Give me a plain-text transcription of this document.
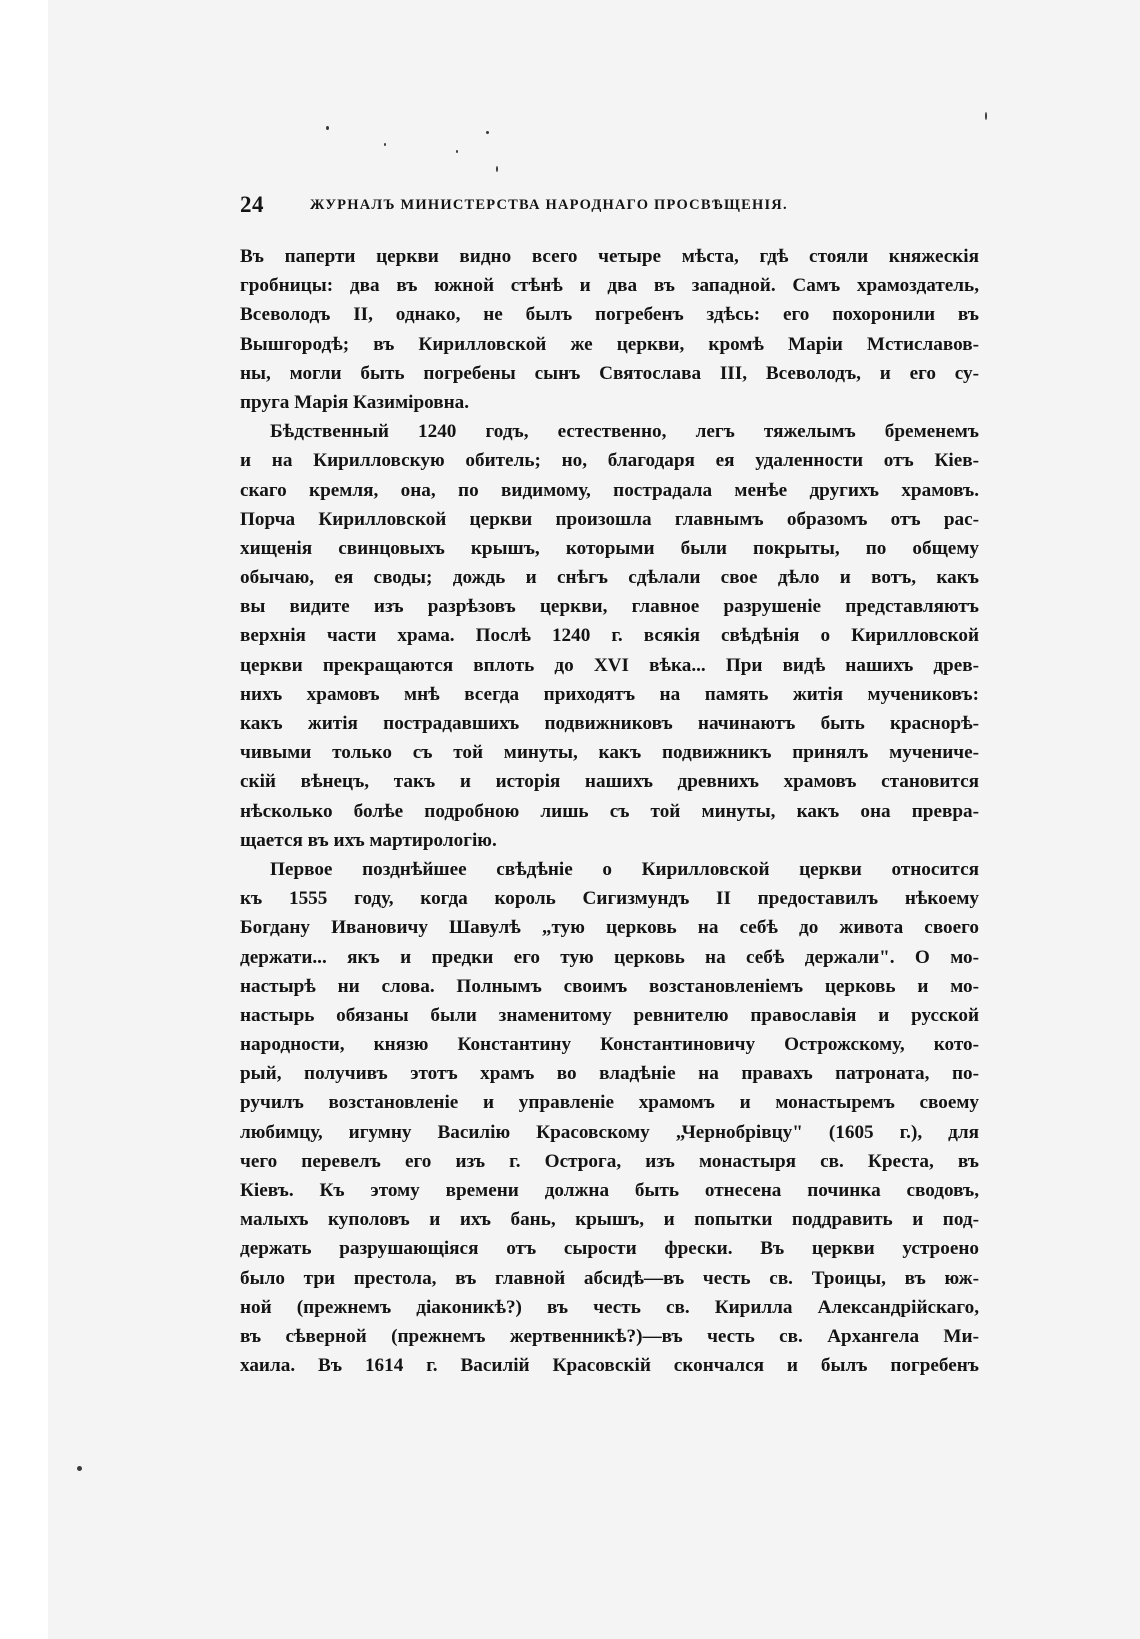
24	ЖУРНАЛЪ МИНИСТЕРСТВА НАРОДНАГО ПРОСВѢЩЕНІЯ.
Въ паперти церкви видно всего четыре мѣста, гдѣ стояли княжескія
гробницы: два въ южной стѣнѣ и два въ западной. Самъ храмоздатель,
Всеволодъ II, однако, не былъ погребенъ здѣсь: его похоронили въ
Вышгородѣ; въ Кирилловской же церкви, кромѣ Маріи Мстиславов-
ны, могли быть погребены сынъ Святослава III, Всеволодъ, и его су-
пруга Марія Казиміровна.
Бѣдственный 1240 годъ, естественно, легъ тяжелымъ бременемъ
и на Кирилловскую обитель; но, благодаря ея удаленности отъ Кіев-
скаго кремля, она, по видимому, пострадала менѣе другихъ храмовъ.
Порча Кирилловской церкви произошла главнымъ образомъ отъ рас-
хищенія свинцовыхъ крышъ, которыми были покрыты, по общему
обычаю, ея своды; дождь и снѣгъ сдѣлали свое дѣло и вотъ, какъ
вы видите изъ разрѣзовъ церкви, главное разрушеніе представляютъ
верхнія части храма. Послѣ 1240 г. всякія свѣдѣнія о Кирилловской
церкви прекращаются вплоть до XVI вѣка... При видѣ нашихъ древ-
нихъ храмовъ мнѣ всегда приходятъ на память житія мучениковъ:
какъ житія пострадавшихъ подвижниковъ начинаютъ быть краснорѣ-
чивыми только съ той минуты, какъ подвижникъ принялъ мучениче-
скій вѣнецъ, такъ и исторія нашихъ древнихъ храмовъ становится
нѣсколько болѣе подробною лишь съ той минуты, какъ она превра-
щается въ ихъ мартирологію.
Первое позднѣйшее свѣдѣніе о Кирилловской церкви относится
къ 1555 году, когда король Сигизмундъ II предоставилъ нѣкоему
Богдану Ивановичу Шавулѣ „тую церковь на себѣ до живота своего
держати... якъ и предки его тую церковь на себѣ держали". О мо-
настырѣ ни слова. Полнымъ своимъ возстановленіемъ церковь и мо-
настырь обязаны были знаменитому ревнителю православія и русской
народности, князю Константину Константиновичу Острожскому, кото-
рый, получивъ этотъ храмъ во владѣніе на правахъ патроната, по-
ручилъ возстановленіе и управленіе храмомъ и монастыремъ своему
любимцу, игумну Василію Красовскому „Чернобрівцу" (1605 г.), для
чего перевелъ его изъ г. Острога, изъ монастыря св. Креста, въ
Кіевъ. Къ этому времени должна быть отнесена починка сводовъ,
малыхъ куполовъ и ихъ бань, крышъ, и попытки поддравить и под-
держать разрушающіяся отъ сырости фрески. Въ церкви устроено
было три престола, въ главной абсидѣ—въ честь св. Троицы, въ юж-
ной (прежнемъ діаконикѣ?) въ честь св. Кирилла Александрійскаго,
въ сѣверной (прежнемъ жертвенникѣ?)—въ честь св. Архангела Ми-
хаила. Въ 1614 г. Василій Красовскій скончался и былъ погребенъ
